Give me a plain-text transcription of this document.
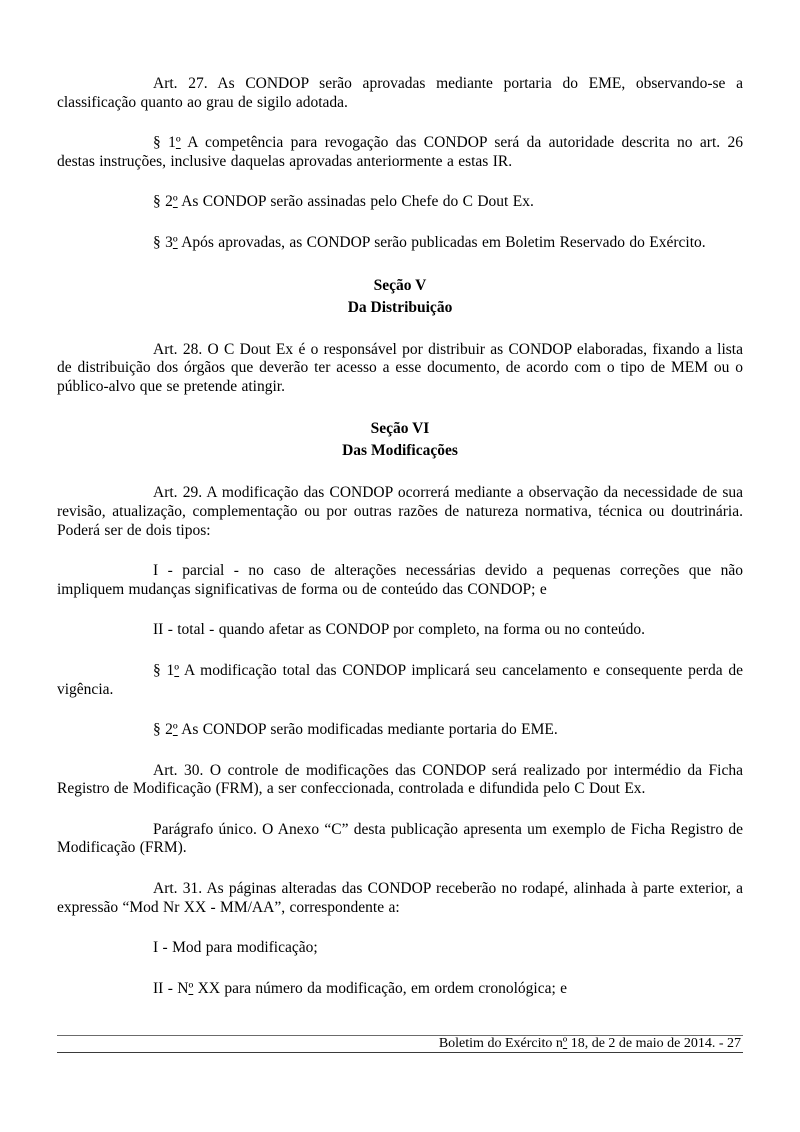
Art. 27. As CONDOP serão aprovadas mediante portaria do EME, observando-se a classificação quanto ao grau de sigilo adotada.

§ 1º A competência para revogação das CONDOP será da autoridade descrita no art. 26 destas instruções, inclusive daquelas aprovadas anteriormente a estas IR.

§ 2º As CONDOP serão assinadas pelo Chefe do C Dout Ex.

§ 3º Após aprovadas, as CONDOP serão publicadas em Boletim Reservado do Exército.

Seção V
Da Distribuição

Art. 28. O C Dout Ex é o responsável por distribuir as CONDOP elaboradas, fixando a lista de distribuição dos órgãos que deverão ter acesso a esse documento, de acordo com o tipo de MEM ou o público-alvo que se pretende atingir.

Seção VI
Das Modificações

Art. 29. A modificação das CONDOP ocorrerá mediante a observação da necessidade de sua revisão, atualização, complementação ou por outras razões de natureza normativa, técnica ou doutrinária. Poderá ser de dois tipos:

I - parcial - no caso de alterações necessárias devido a pequenas correções que não impliquem mudanças significativas de forma ou de conteúdo das CONDOP; e

II - total - quando afetar as CONDOP por completo, na forma ou no conteúdo.

§ 1º A modificação total das CONDOP implicará seu cancelamento e consequente perda de vigência.

§ 2º As CONDOP serão modificadas mediante portaria do EME.

Art. 30. O controle de modificações das CONDOP será realizado por intermédio da Ficha Registro de Modificação (FRM), a ser confeccionada, controlada e difundida pelo C Dout Ex.

Parágrafo único. O Anexo “C” desta publicação apresenta um exemplo de Ficha Registro de Modificação (FRM).

Art. 31. As páginas alteradas das CONDOP receberão no rodapé, alinhada à parte exterior, a expressão “Mod Nr XX - MM/AA”, correspondente a:

I - Mod para modificação;

II - Nº XX para número da modificação, em ordem cronológica; e

Boletim do Exército nº 18, de 2 de maio de 2014. - 27
